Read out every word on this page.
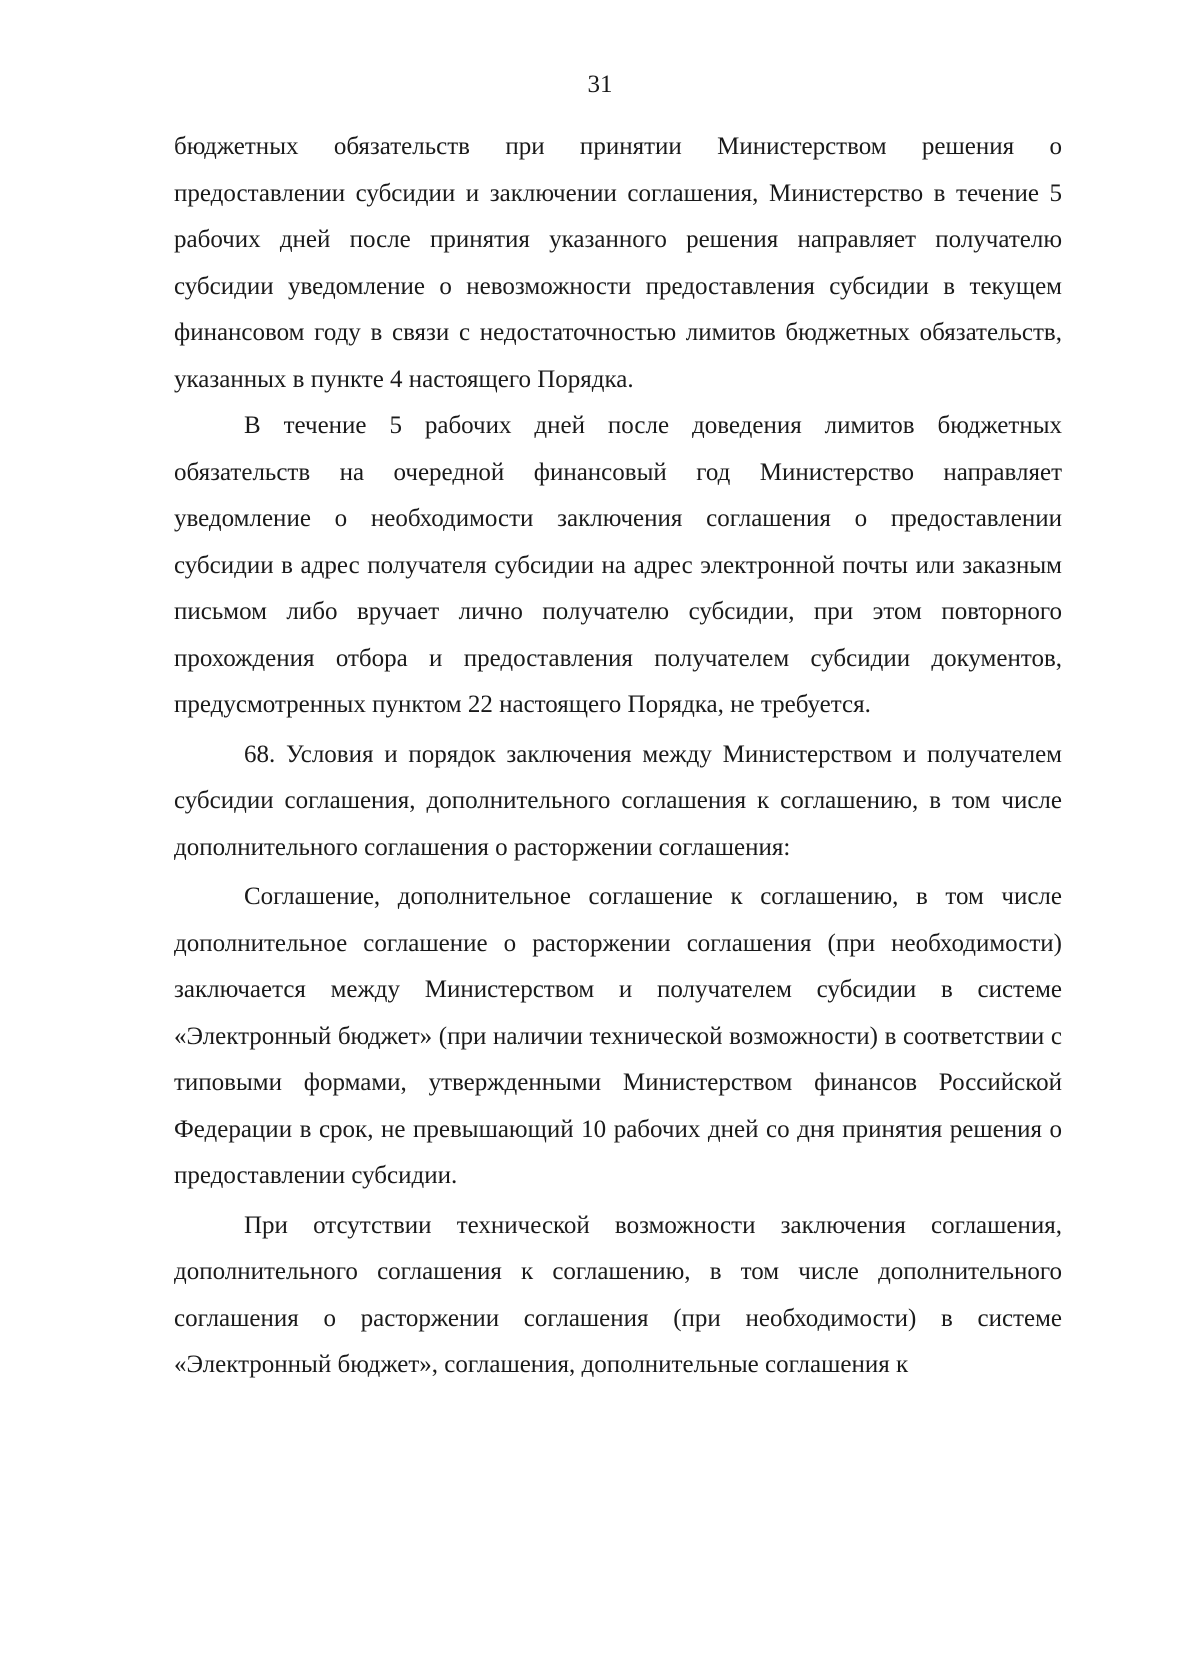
31

бюджетных обязательств при принятии Министерством решения о предоставлении субсидии и заключении соглашения, Министерство в течение 5 рабочих дней после принятия указанного решения направляет получателю субсидии уведомление о невозможности предоставления субсидии в текущем финансовом году в связи с недостаточностью лимитов бюджетных обязательств, указанных в пункте 4 настоящего Порядка.

В течение 5 рабочих дней после доведения лимитов бюджетных обязательств на очередной финансовый год Министерство направляет уведомление о необходимости заключения соглашения о предоставлении субсидии в адрес получателя субсидии на адрес электронной почты или заказным письмом либо вручает лично получателю субсидии, при этом повторного прохождения отбора и предоставления получателем субсидии документов, предусмотренных пунктом 22 настоящего Порядка, не требуется.

68. Условия и порядок заключения между Министерством и получателем субсидии соглашения, дополнительного соглашения к соглашению, в том числе дополнительного соглашения о расторжении соглашения:

Соглашение, дополнительное соглашение к соглашению, в том числе дополнительное соглашение о расторжении соглашения (при необходимости) заключается между Министерством и получателем субсидии в системе «Электронный бюджет» (при наличии технической возможности) в соответствии с типовыми формами, утвержденными Министерством финансов Российской Федерации в срок, не превышающий 10 рабочих дней со дня принятия решения о предоставлении субсидии.

При отсутствии технической возможности заключения соглашения, дополнительного соглашения к соглашению, в том числе дополнительного соглашения о расторжении соглашения (при необходимости) в системе «Электронный бюджет», соглашения, дополнительные соглашения к
